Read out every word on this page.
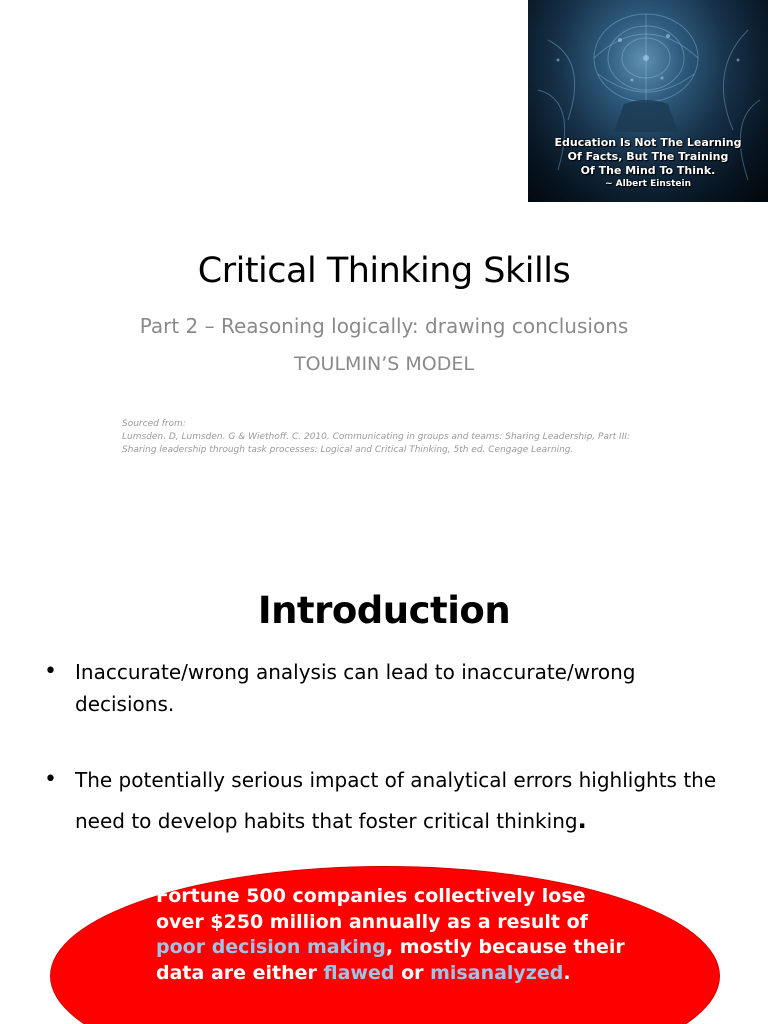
Education Is Not The Learning
Of Facts, But The Training
Of The Mind To Think.
~ Albert Einstein
Critical Thinking Skills
Part 2 – Reasoning logically: drawing conclusions
TOULMIN’S MODEL
Sourced from:
Lumsden. D, Lumsden. G & Wiethoff. C. 2010. Communicating in groups and teams: Sharing Leadership, Part III:
Sharing leadership through task processes: Logical and Critical Thinking, 5th ed. Cengage Learning.
Introduction
• Inaccurate/wrong analysis can lead to inaccurate/wrong decisions.
• The potentially serious impact of analytical errors highlights the need to develop habits that foster critical thinking.
Fortune 500 companies collectively lose over $250 million annually as a result of poor decision making, mostly because their data are either flawed or misanalyzed.
